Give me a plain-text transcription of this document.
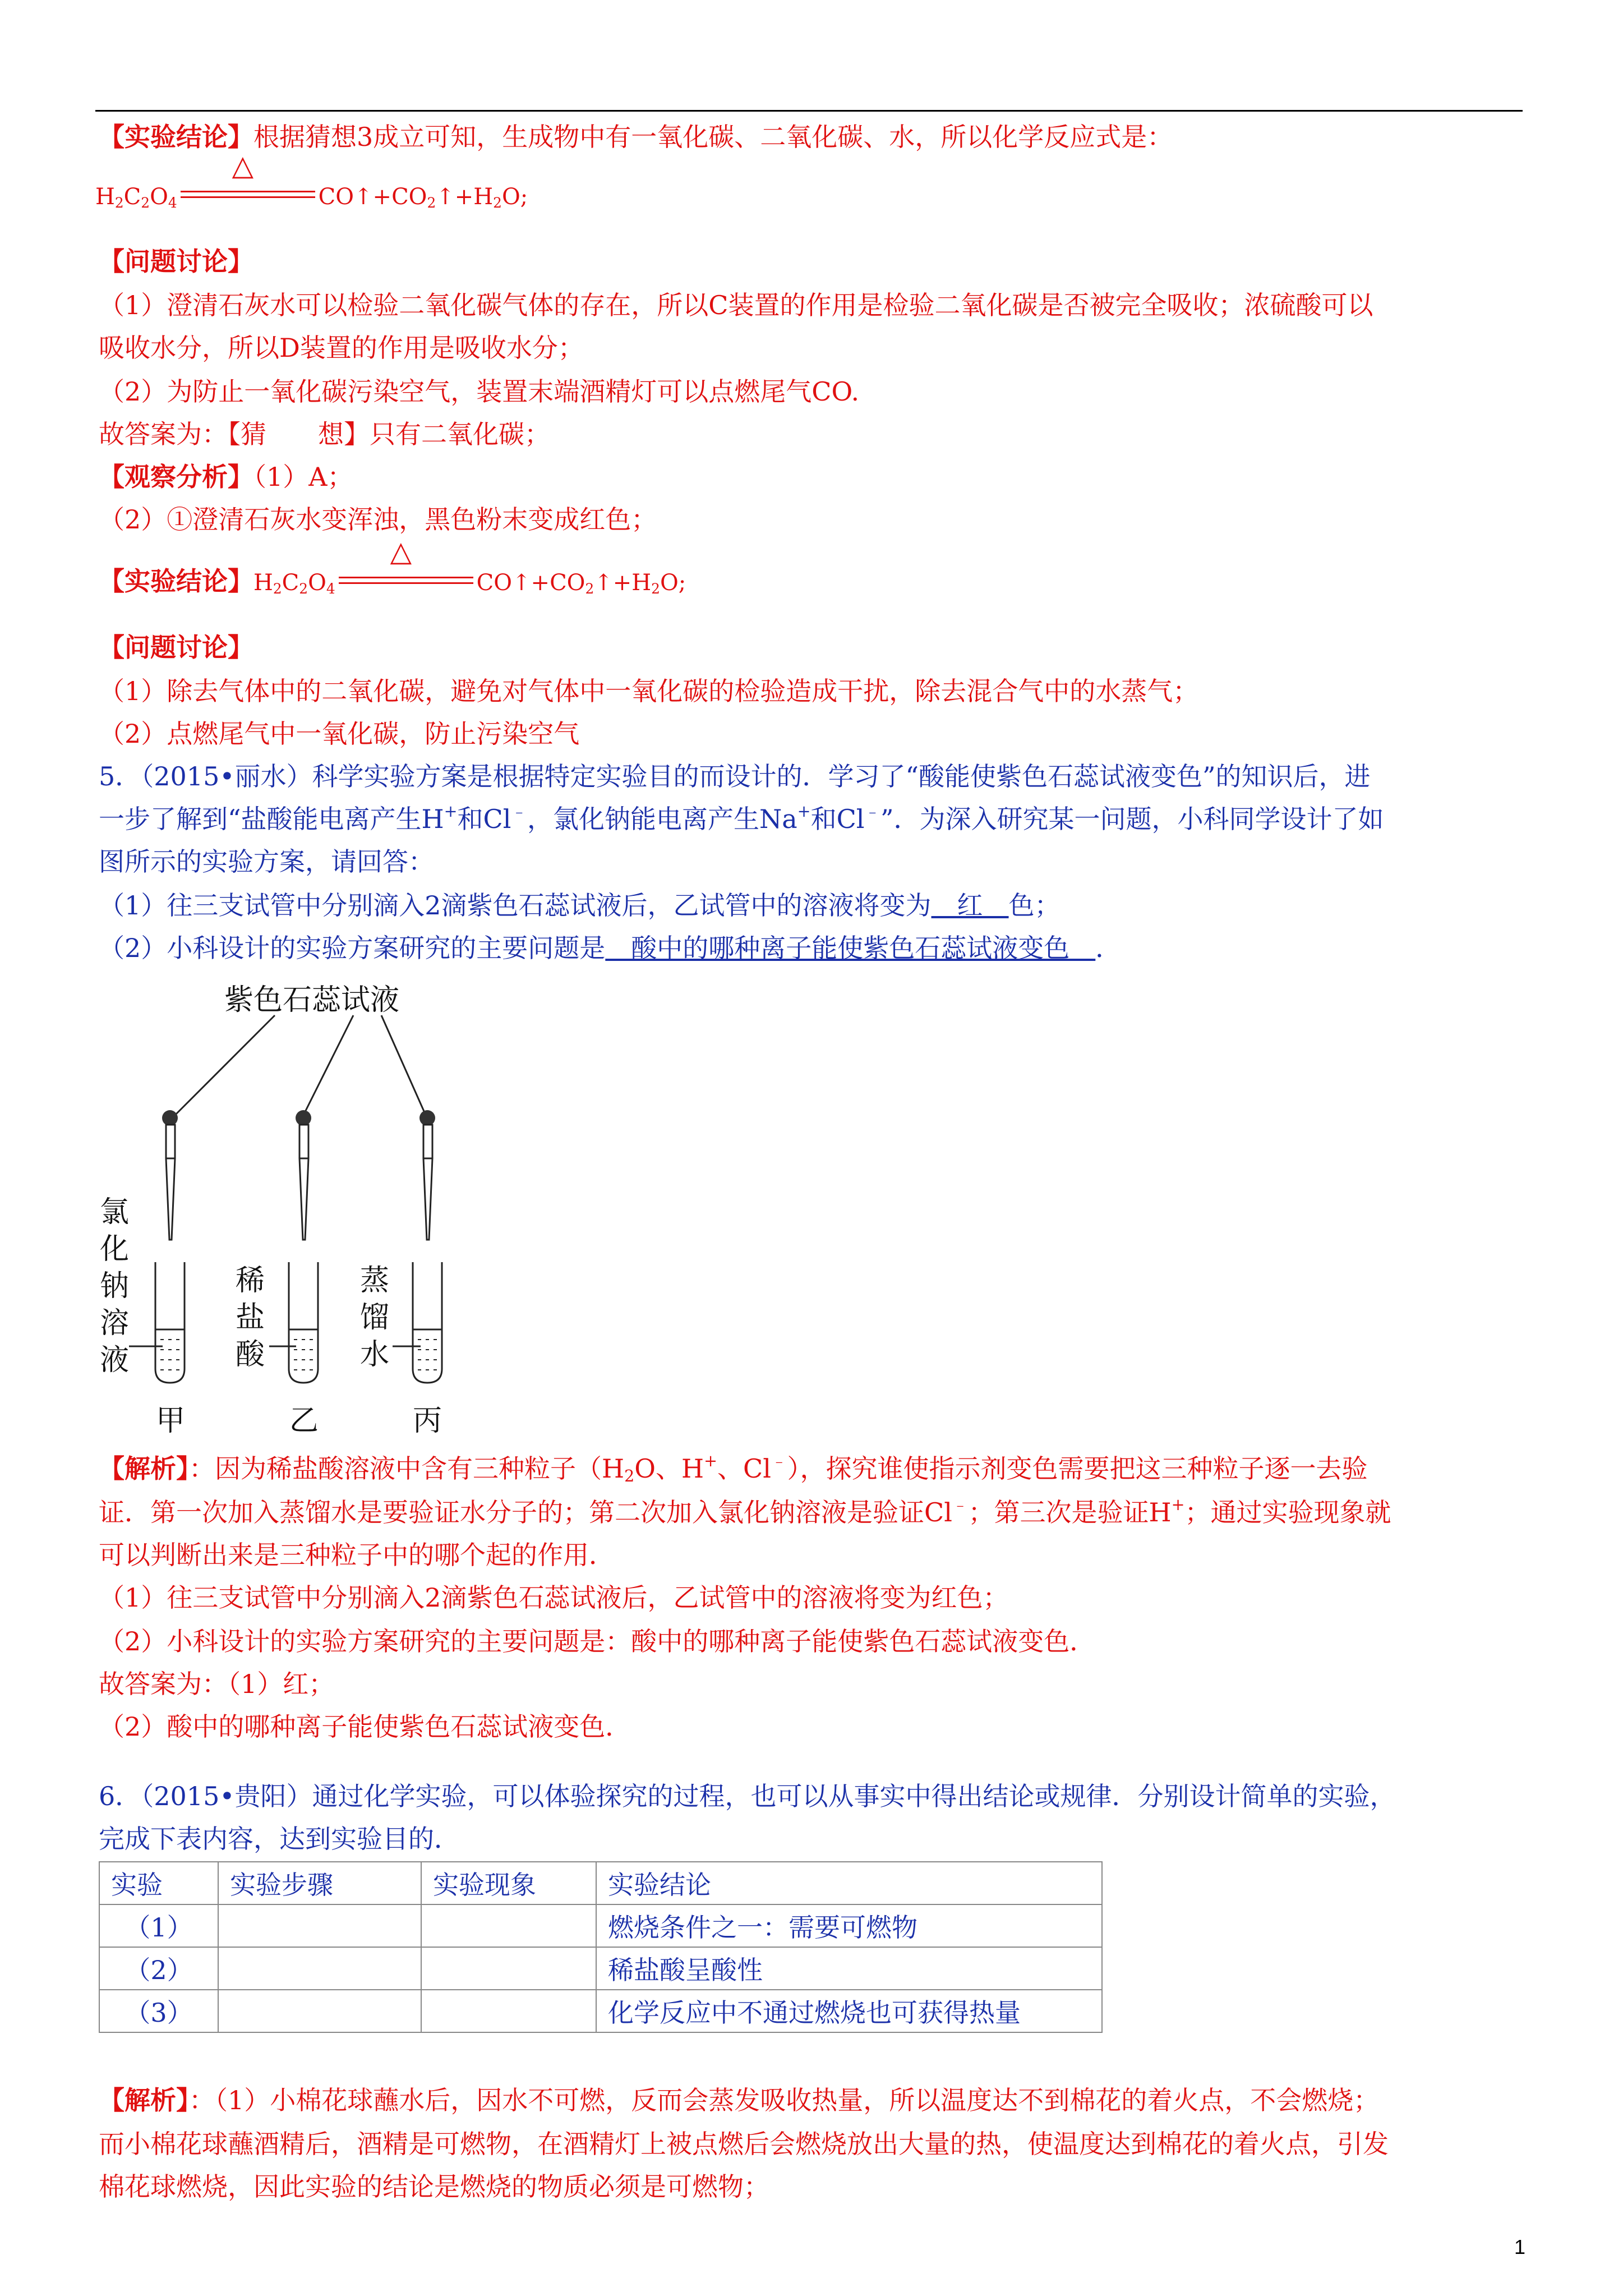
【实验结论】根据猜想3成立可知，生成物中有一氧化碳、二氧化碳、水，所以化学反应式是：
$H_2C_2O_4$
△
$CO↑+CO_2↑+H_2O$;
【问题讨论】
（1）澄清石灰水可以检验二氧化碳气体的存在，所以C装置的作用是检验二氧化碳是否被完全吸收；浓硫酸可以
吸收水分，所以D装置的作用是吸收水分；
（2）为防止一氧化碳污染空气，装置末端酒精灯可以点燃尾气CO.
故答案为：【猜　　想】只有二氧化碳；
【观察分析】（1）A；
（2）①澄清石灰水变浑浊，黑色粉末变成红色；
【实验结论】$H_2C_2O_4$
△
$CO↑+CO_2↑+H_2O$;
【问题讨论】
（1）除去气体中的二氧化碳，避免对气体中一氧化碳的检验造成干扰，除去混合气中的水蒸气；
（2）点燃尾气中一氧化碳，防止污染空气
5．（2015•丽水）科学实验方案是根据特定实验目的而设计的．学习了“酸能使紫色石蕊试液变色”的知识后，进
一步了解到“盐酸能电离产生H+和Cl﹣，氯化钠能电离产生Na+和Cl﹣”．为深入研究某一问题，小科同学设计了如
图所示的实验方案，请回答：
（1）往三支试管中分别滴入2滴紫色石蕊试液后，乙试管中的溶液将变为　红　色；
（2）小科设计的实验方案研究的主要问题是　酸中的哪种离子能使紫色石蕊试液变色　．
紫色石蕊试液
氯
化
钠
溶
液
稀
盐
酸
蒸
馏
水
甲	乙	丙
【解析】：因为稀盐酸溶液中含有三种粒子（$H_2O$、H+、Cl﹣），探究谁使指示剂变色需要把这三种粒子逐一去验
证．第一次加入蒸馏水是要验证水分子的；第二次加入氯化钠溶液是验证Cl﹣；第三次是验证H+；通过实验现象就
可以判断出来是三种粒子中的哪个起的作用．
（1）往三支试管中分别滴入2滴紫色石蕊试液后，乙试管中的溶液将变为红色；
（2）小科设计的实验方案研究的主要问题是：酸中的哪种离子能使紫色石蕊试液变色．
故答案为：（1）红；
（2）酸中的哪种离子能使紫色石蕊试液变色．
6．（2015•贵阳）通过化学实验，可以体验探究的过程，也可以从事实中得出结论或规律．分别设计简单的实验，
完成下表内容，达到实验目的．
实验	实验步骤	实验现象	实验结论
（1）			燃烧条件之一：需要可燃物
（2）			稀盐酸呈酸性
（3）			化学反应中不通过燃烧也可获得热量
【解析】：（1）小棉花球蘸水后，因水不可燃，反而会蒸发吸收热量，所以温度达不到棉花的着火点，不会燃烧；
而小棉花球蘸酒精后，酒精是可燃物，在酒精灯上被点燃后会燃烧放出大量的热，使温度达到棉花的着火点，引发
棉花球燃烧，因此实验的结论是燃烧的物质必须是可燃物；
1
